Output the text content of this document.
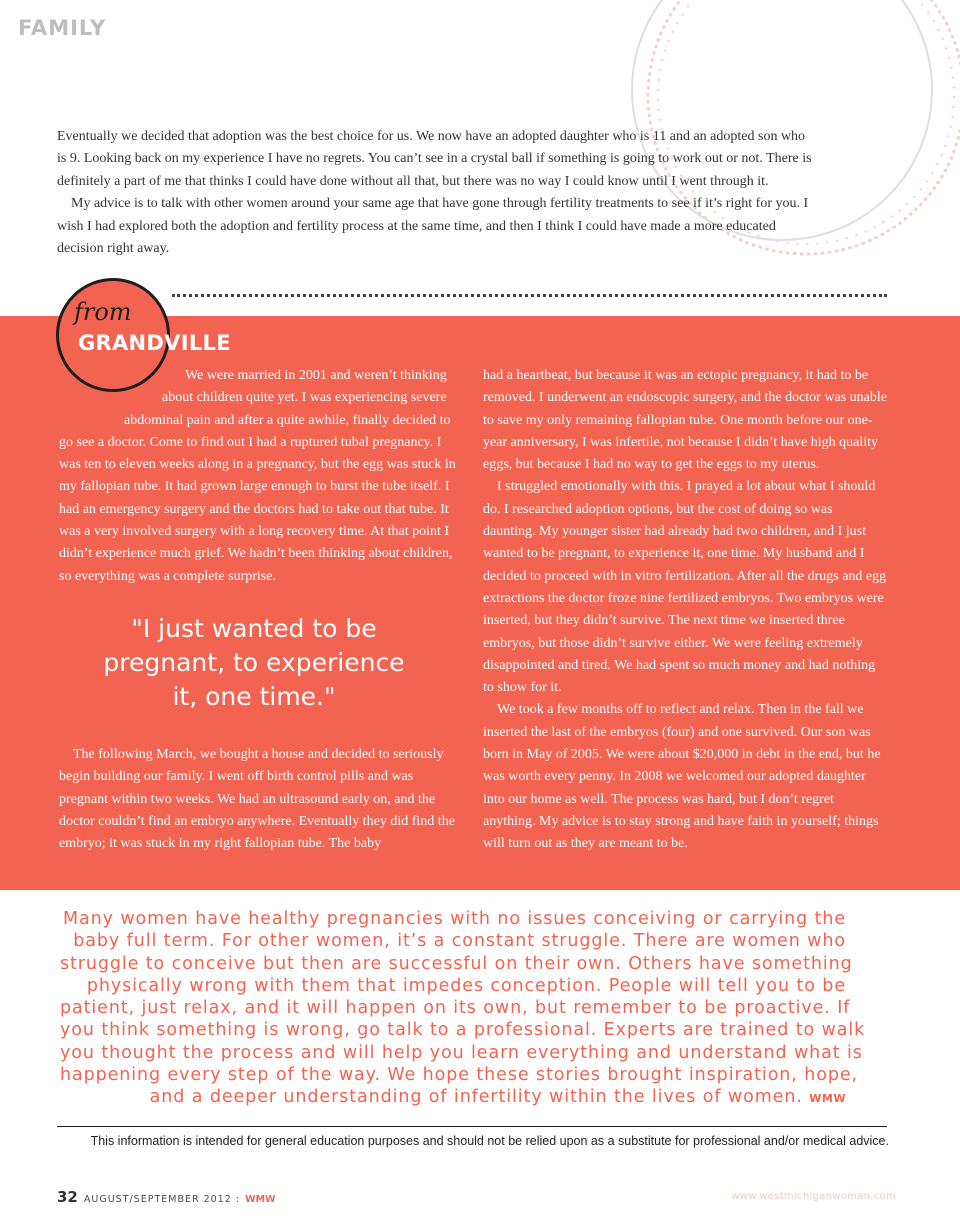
FAMILY

Eventually we decided that adoption was the best choice for us. We now have an adopted daughter who is 11 and an adopted son who is 9. Looking back on my experience I have no regrets. You can’t see in a crystal ball if something is going to work out or not. There is definitely a part of me that thinks I could have done without all that, but there was no way I could know until I went through it.

My advice is to talk with other women around your same age that have gone through fertility treatments to see if it’s right for you. I wish I had explored both the adoption and fertility process at the same time, and then I think I could have made a more educated decision right away.

from
GRANDVILLE
We were married in 2001 and weren’t thinking
about children quite yet. I was experiencing severe
abdominal pain and after a quite awhile, finally decided to
go see a doctor. Come to find out I had a ruptured tubal pregnancy. I
was ten to eleven weeks along in a pregnancy, but the egg was stuck in
my fallopian tube. It had grown large enough to burst the tube itself. I
had an emergency surgery and the doctors had to take out that tube. It
was a very involved surgery with a long recovery time. At that point I
didn’t experience much grief. We hadn’t been thinking about children,
so everything was a complete surprise.
"I just wanted to be
pregnant, to experience
it, one time."

The following March, we bought a house and decided to seriously begin building our family. I went off birth control pills and was pregnant within two weeks. We had an ultrasound early on, and the doctor couldn’t find an embryo anywhere. Eventually they did find the embryo; it was stuck in my right fallopian tube. The baby

had a heartbeat, but because it was an ectopic pregnancy, it had to be removed. I underwent an endoscopic surgery, and the doctor was unable to save my only remaining fallopian tube. One month before our one-year anniversary, I was infertile, not because I didn’t have high quality eggs, but because I had no way to get the eggs to my uterus.

I struggled emotionally with this. I prayed a lot about what I should do. I researched adoption options, but the cost of doing so was daunting. My younger sister had already had two children, and I just wanted to be pregnant, to experience it, one time. My husband and I decided to proceed with in vitro fertilization. After all the drugs and egg extractions the doctor froze nine fertilized embryos. Two embryos were inserted, but they didn’t survive. The next time we inserted three embryos, but those didn’t survive either. We were feeling extremely disappointed and tired. We had spent so much money and had nothing to show for it.

We took a few months off to reflect and relax. Then in the fall we inserted the last of the embryos (four) and one survived. Our son was born in May of 2005. We were about $20,000 in debt in the end, but he was worth every penny. In 2008 we welcomed our adopted daughter into our home as well. The process was hard, but I don’t regret anything. My advice is to stay strong and have faith in yourself; things will turn out as they are meant to be.

Many women have healthy pregnancies with no issues conceiving or carrying the
baby full term. For other women, it’s a constant struggle. There are women who
struggle to conceive but then are successful on their own. Others have something
physically wrong with them that impedes conception. People will tell you to be
patient, just relax, and it will happen on its own, but remember to be proactive. If
you think something is wrong, go talk to a professional. Experts are trained to walk
you thought the process and will help you learn everything and understand what is
happening every step of the way. We hope these stories brought inspiration, hope,
and a deeper understanding of infertility within the lives of women. WMW
This information is intended for general education purposes and should not be relied upon as a substitute for professional and/or medical advice.
32 AUGUST/SEPTEMBER 2012 : WMW	www.westmichiganwoman.com
